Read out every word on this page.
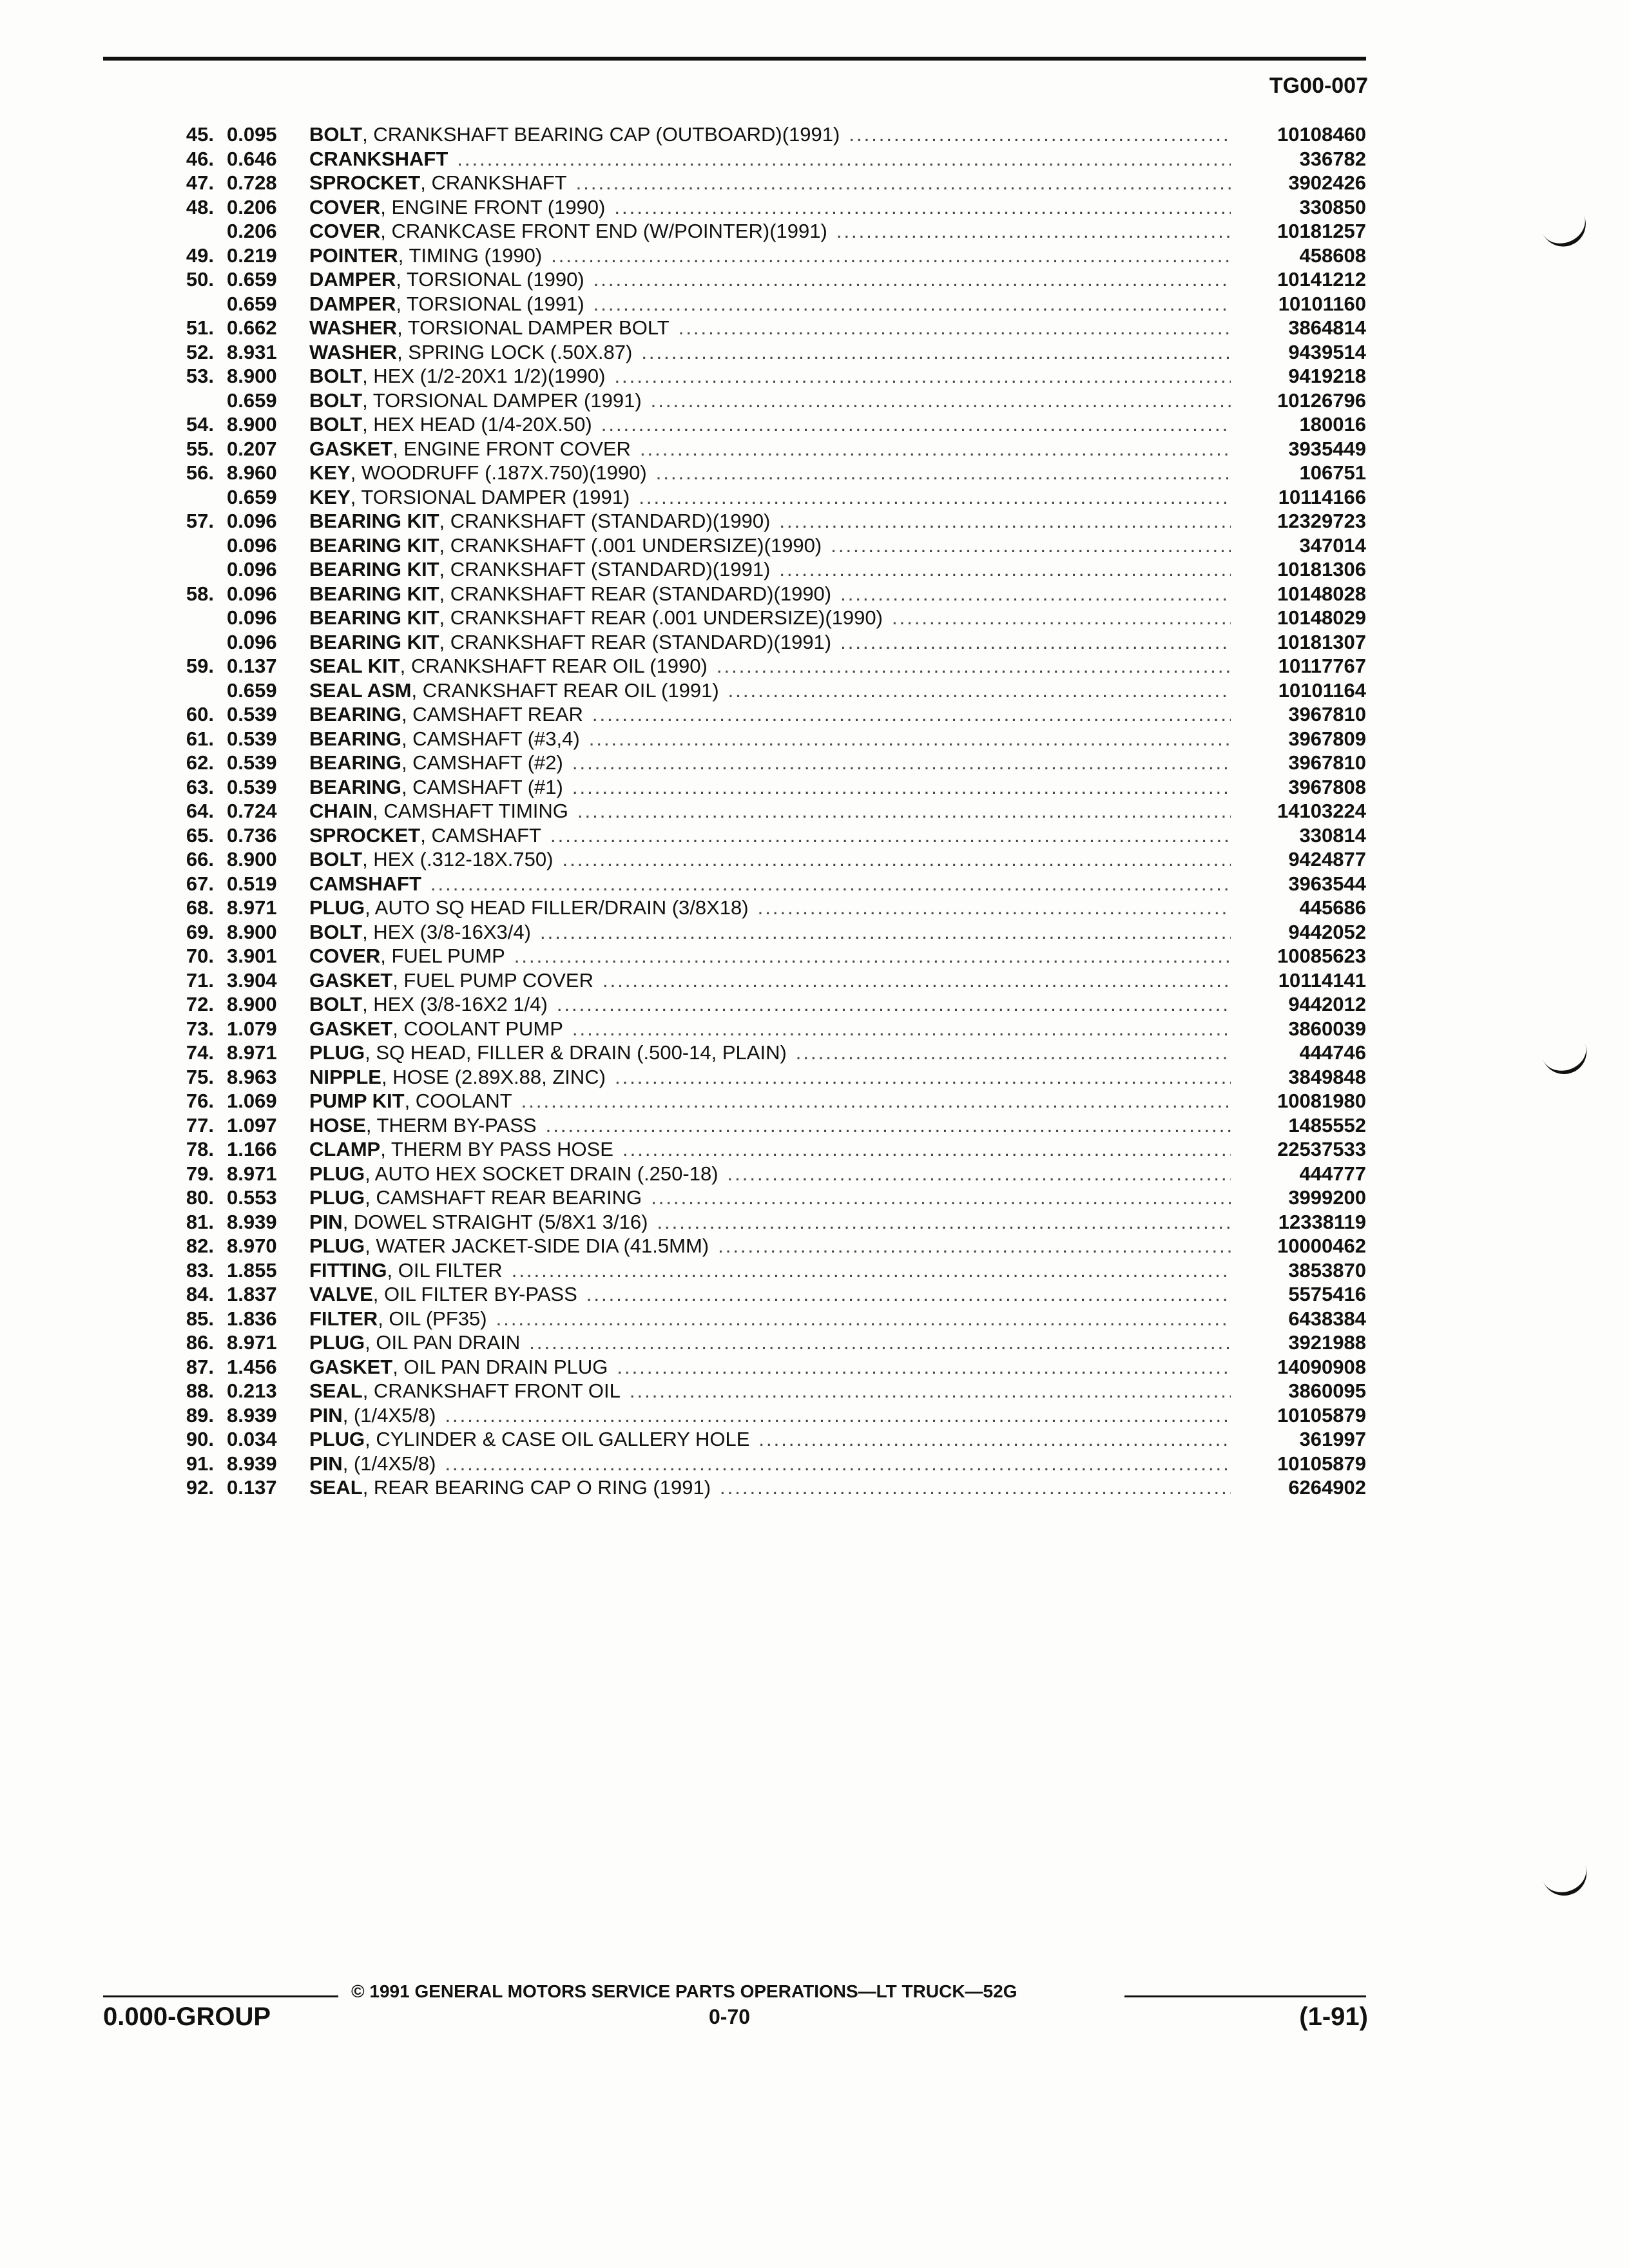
TG00-007
45. 0.095	BOLT , CRANKSHAFT BEARING CAP (OUTBOARD)(1991) .....	10108460
46. 0.646	CRANKSHAFT .....	336782
47. 0.728	SPROCKET , CRANKSHAFT .....	3902426
48. 0.206	COVER , ENGINE FRONT (1990) .....	330850
0.206	COVER , CRANKCASE FRONT END (W/POINTER)(1991) .....	10181257
49. 0.219	POINTER , TIMING (1990) .....	458608
50. 0.659	DAMPER , TORSIONAL (1990) .....	10141212
0.659	DAMPER , TORSIONAL (1991) .....	10101160
51. 0.662	WASHER , TORSIONAL DAMPER BOLT .....	3864814
52. 8.931	WASHER , SPRING LOCK (.50X.87) .....	9439514
53. 8.900	BOLT , HEX (1/2-20X1 1/2)(1990) .....	9419218
0.659	BOLT , TORSIONAL DAMPER (1991) .....	10126796
54. 8.900	BOLT , HEX HEAD (1/4-20X.50) .....	180016
55. 0.207	GASKET , ENGINE FRONT COVER .....	3935449
56. 8.960	KEY , WOODRUFF (.187X.750)(1990) .....	106751
0.659	KEY , TORSIONAL DAMPER (1991) .....	10114166
57. 0.096	BEARING KIT , CRANKSHAFT (STANDARD)(1990) .....	12329723
0.096	BEARING KIT , CRANKSHAFT (.001 UNDERSIZE)(1990) .....	347014
0.096	BEARING KIT , CRANKSHAFT (STANDARD)(1991) .....	10181306
58. 0.096	BEARING KIT , CRANKSHAFT REAR (STANDARD)(1990) .....	10148028
0.096	BEARING KIT , CRANKSHAFT REAR (.001 UNDERSIZE)(1990) .....	10148029
0.096	BEARING KIT , CRANKSHAFT REAR (STANDARD)(1991) .....	10181307
59. 0.137	SEAL KIT , CRANKSHAFT REAR OIL (1990) .....	10117767
0.659	SEAL ASM , CRANKSHAFT REAR OIL (1991) .....	10101164
60. 0.539	BEARING , CAMSHAFT REAR .....	3967810
61. 0.539	BEARING , CAMSHAFT (#3,4) .....	3967809
62. 0.539	BEARING , CAMSHAFT (#2) .....	3967810
63. 0.539	BEARING , CAMSHAFT (#1) .....	3967808
64. 0.724	CHAIN , CAMSHAFT TIMING .....	14103224
65. 0.736	SPROCKET , CAMSHAFT .....	330814
66. 8.900	BOLT , HEX (.312-18X.750) .....	9424877
67. 0.519	CAMSHAFT .....	3963544
68. 8.971	PLUG , AUTO SQ HEAD FILLER/DRAIN (3/8X18) .....	445686
69. 8.900	BOLT , HEX (3/8-16X3/4) .....	9442052
70. 3.901	COVER , FUEL PUMP .....	10085623
71. 3.904	GASKET , FUEL PUMP COVER .....	10114141
72. 8.900	BOLT , HEX (3/8-16X2 1/4) .....	9442012
73. 1.079	GASKET , COOLANT PUMP .....	3860039
74. 8.971	PLUG , SQ HEAD, FILLER & DRAIN (.500-14, PLAIN) .....	444746
75. 8.963	NIPPLE , HOSE (2.89X.88, ZINC) .....	3849848
76. 1.069	PUMP KIT , COOLANT .....	10081980
77. 1.097	HOSE , THERM BY-PASS .....	1485552
78. 1.166	CLAMP , THERM BY PASS HOSE .....	22537533
79. 8.971	PLUG , AUTO HEX SOCKET DRAIN (.250-18) .....	444777
80. 0.553	PLUG , CAMSHAFT REAR BEARING .....	3999200
81. 8.939	PIN , DOWEL STRAIGHT (5/8X1 3/16) .....	12338119
82. 8.970	PLUG , WATER JACKET-SIDE DIA (41.5MM) .....	10000462
83. 1.855	FITTING , OIL FILTER .....	3853870
84. 1.837	VALVE , OIL FILTER BY-PASS .....	5575416
85. 1.836	FILTER , OIL (PF35) .....	6438384
86. 8.971	PLUG , OIL PAN DRAIN .....	3921988
87. 1.456	GASKET , OIL PAN DRAIN PLUG .....	14090908
88. 0.213	SEAL , CRANKSHAFT FRONT OIL .....	3860095
89. 8.939	PIN , (1/4X5/8) .....	10105879
90. 0.034	PLUG , CYLINDER & CASE OIL GALLERY HOLE .....	361997
91. 8.939	PIN , (1/4X5/8) .....	10105879
92. 0.137	SEAL , REAR BEARING CAP O RING (1991) .....	6264902
© 1991 GENERAL MOTORS SERVICE PARTS OPERATIONS—LT TRUCK—52G
0.000-GROUP	0-70	(1-91)
